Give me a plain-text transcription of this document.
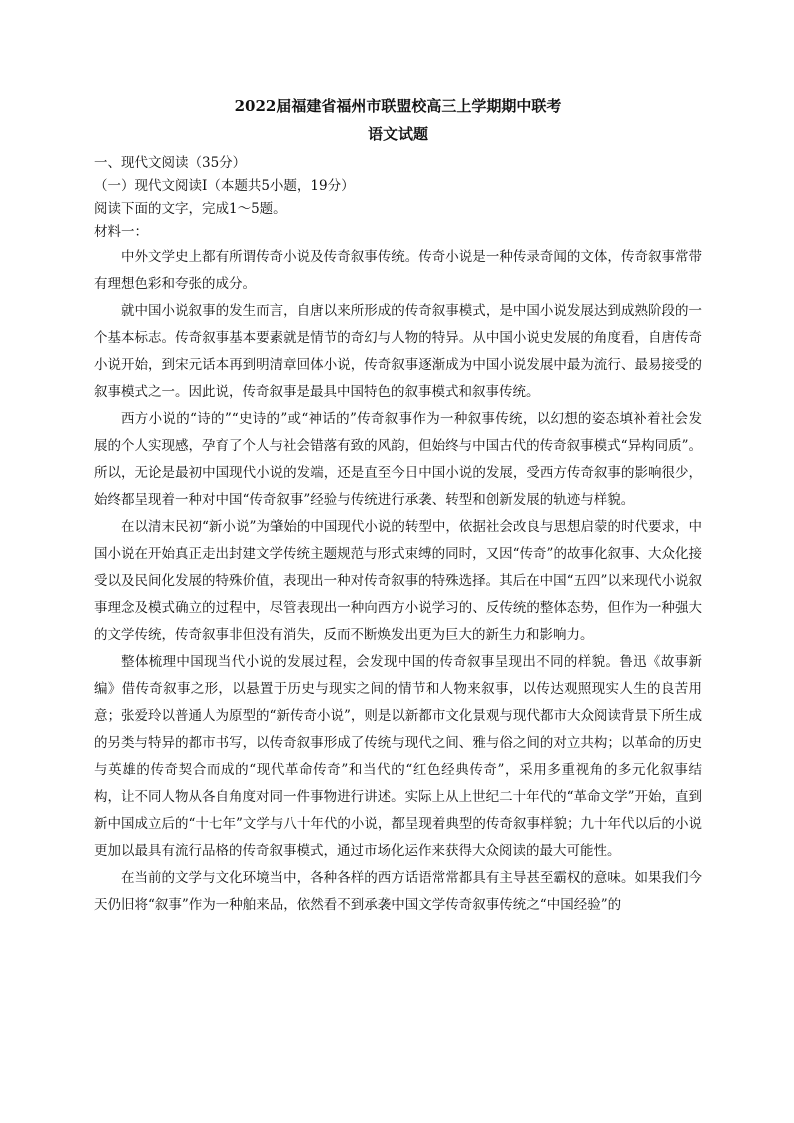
2022届福建省福州市联盟校高三上学期期中联考

语文试题

一、现代文阅读（35分）

（一）现代文阅读Ⅰ（本题共5小题，19分）

阅读下面的文字，完成1～5题。

材料一：

中外文学史上都有所谓传奇小说及传奇叙事传统。传奇小说是一种传录奇闻的文体，传奇叙事常带有理想色彩和夸张的成分。

就中国小说叙事的发生而言，自唐以来所形成的传奇叙事模式，是中国小说发展达到成熟阶段的一个基本标志。传奇叙事基本要素就是情节的奇幻与人物的特异。从中国小说史发展的角度看，自唐传奇小说开始，到宋元话本再到明清章回体小说，传奇叙事逐渐成为中国小说发展中最为流行、最易接受的叙事模式之一。因此说，传奇叙事是最具中国特色的叙事模式和叙事传统。

西方小说的“诗的”“史诗的”或“神话的”传奇叙事作为一种叙事传统，以幻想的姿态填补着社会发展的个人实现感，孕育了个人与社会错落有致的风韵，但始终与中国古代的传奇叙事模式“异构同质”。所以，无论是最初中国现代小说的发端，还是直至今日中国小说的发展，受西方传奇叙事的影响很少，始终都呈现着一种对中国“传奇叙事”经验与传统进行承袭、转型和创新发展的轨迹与样貌。

在以清末民初“新小说”为肇始的中国现代小说的转型中，依据社会改良与思想启蒙的时代要求，中国小说在开始真正走出封建文学传统主题规范与形式束缚的同时，又因“传奇”的故事化叙事、大众化接受以及民间化发展的特殊价值，表现出一种对传奇叙事的特殊选择。其后在中国“五四”以来现代小说叙事理念及模式确立的过程中，尽管表现出一种向西方小说学习的、反传统的整体态势，但作为一种强大的文学传统，传奇叙事非但没有消失，反而不断焕发出更为巨大的新生力和影响力。

整体梳理中国现当代小说的发展过程，会发现中国的传奇叙事呈现出不同的样貌。鲁迅《故事新编》借传奇叙事之形，以悬置于历史与现实之间的情节和人物来叙事，以传达观照现实人生的良苦用意；张爱玲以普通人为原型的“新传奇小说”，则是以新都市文化景观与现代都市大众阅读背景下所生成的另类与特异的都市书写，以传奇叙事形成了传统与现代之间、雅与俗之间的对立共构；以革命的历史与英雄的传奇契合而成的“现代革命传奇”和当代的“红色经典传奇”，采用多重视角的多元化叙事结构，让不同人物从各自角度对同一件事物进行讲述。实际上从上世纪二十年代的“革命文学”开始，直到新中国成立后的“十七年”文学与八十年代的小说，都呈现着典型的传奇叙事样貌；九十年代以后的小说更加以最具有流行品格的传奇叙事模式，通过市场化运作来获得大众阅读的最大可能性。

在当前的文学与文化环境当中，各种各样的西方话语常常都具有主导甚至霸权的意味。如果我们今天仍旧将“叙事”作为一种舶来品，依然看不到承袭中国文学传奇叙事传统之“中国经验”的
